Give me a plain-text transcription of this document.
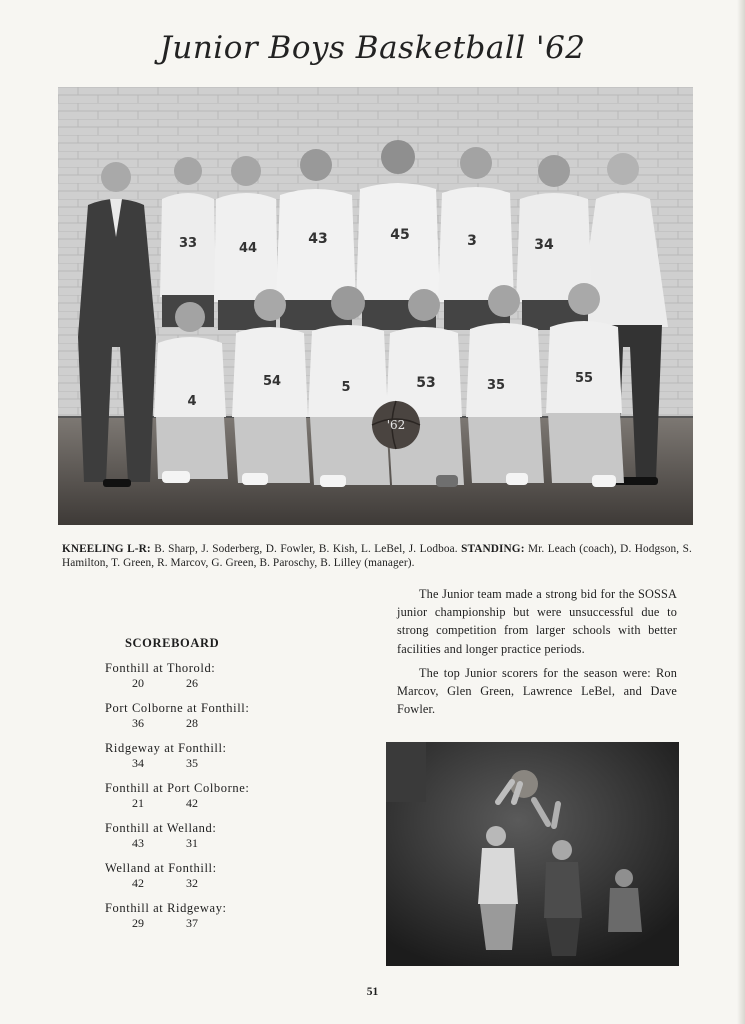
Junior Boys Basketball '62
33	44
43	45	3	34
4
54	5	53	35	55
'62
KNEELING L-R: B. Sharp, J. Soderberg, D. Fowler, B. Kish, L. LeBel, J. Lodboa. STANDING: Mr. Leach (coach), D. Hodgson, S. Hamilton, T. Green, R. Marcov, G. Green, B. Paroschy, B. Lilley (manager).
SCOREBOARD
Fonthill at Thorold:
20	26
Port Colborne at Fonthill:
36	28
Ridgeway at Fonthill:
34	35
Fonthill at Port Colborne:
21	42
Fonthill at Welland:
43	31
Welland at Fonthill:
42	32
Fonthill at Ridgeway:
29	37

The Junior team made a strong bid for the SOSSA junior championship but were unsuccessful due to strong competition from larger schools with better facilities and longer practice periods.

The top Junior scorers for the season were: Ron Marcov, Glen Green, Lawrence LeBel, and Dave Fowler.

51
